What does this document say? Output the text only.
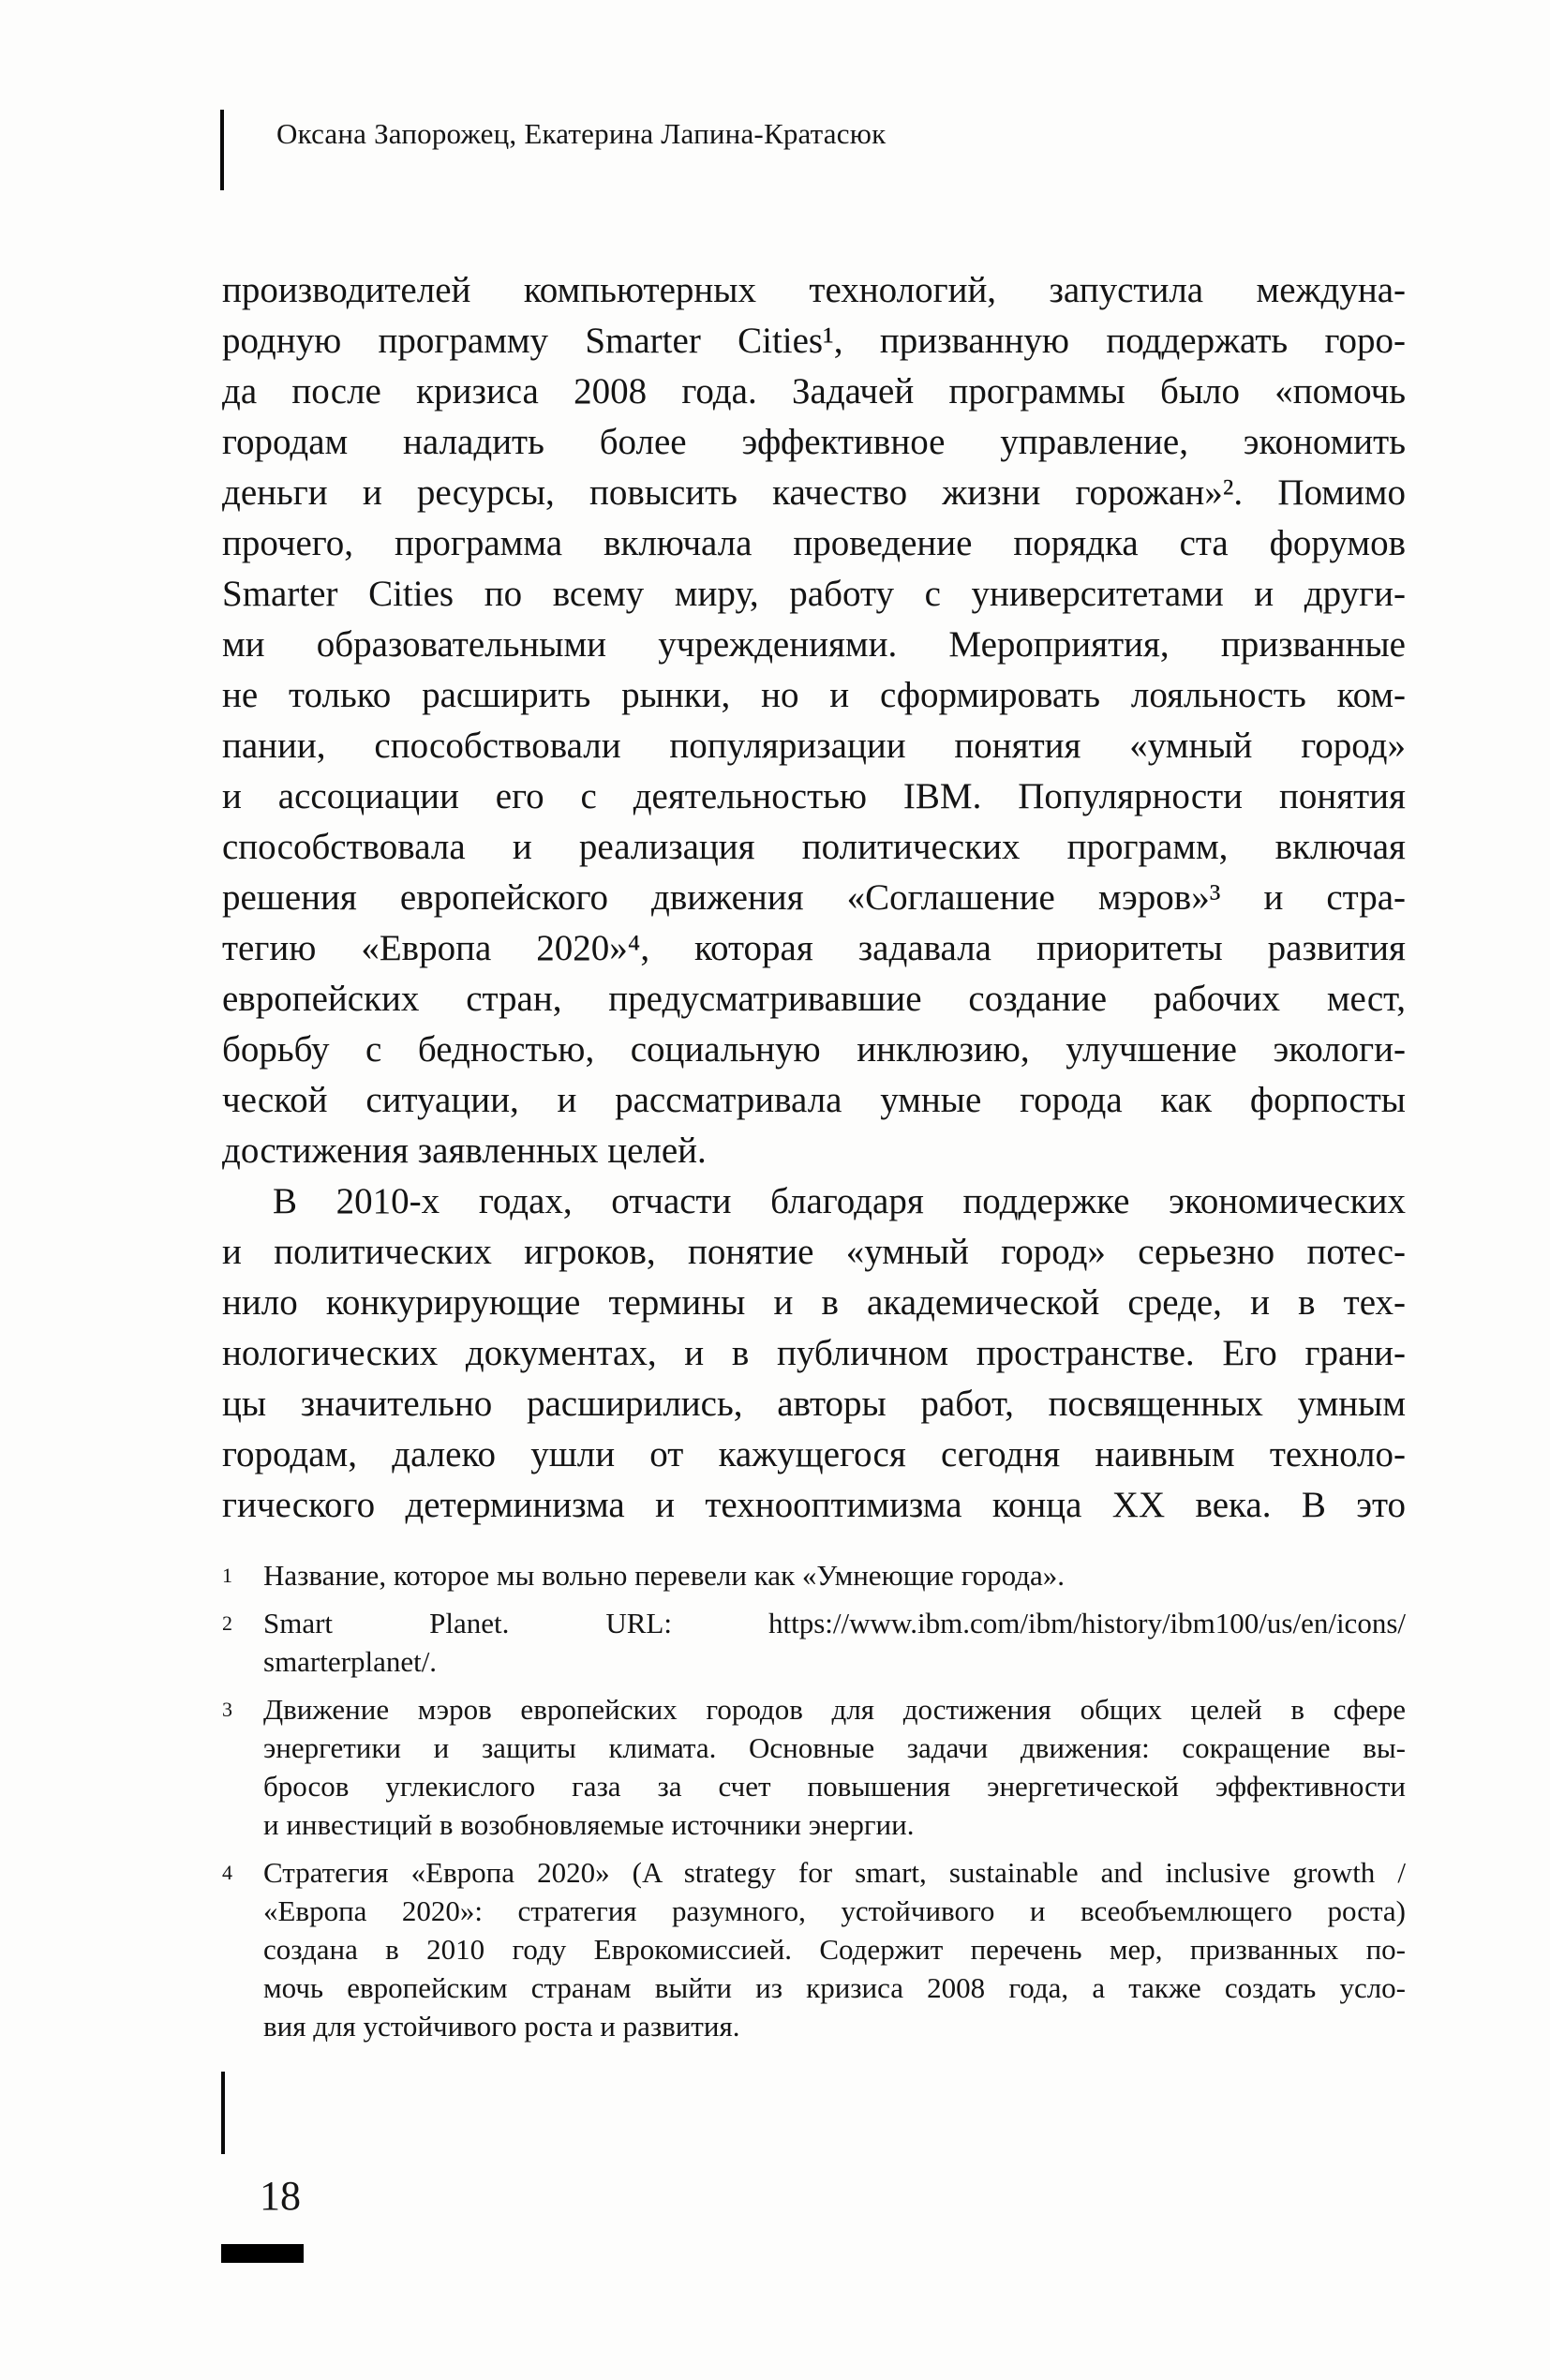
Оксана Запорожец, Екатерина Лапина-Кратасюк
производителей компьютерных технологий, запустила междуна-
родную программу Smarter Cities¹, призванную поддержать горо-
да после кризиса 2008 года. Задачей программы было «помочь
городам наладить более эффективное управление, экономить
деньги и ресурсы, повысить качество жизни горожан»². Помимо
прочего, программа включала проведение порядка ста форумов
Smarter Cities по всему миру, работу с университетами и други-
ми образовательными учреждениями. Мероприятия, призванные
не только расширить рынки, но и сформировать лояльность ком-
пании, способствовали популяризации понятия «умный город»
и ассоциации его с деятельностью IBM. Популярности понятия
способствовала и реализация политических программ, включая
решения европейского движения «Соглашение мэров»³ и стра-
тегию «Европа 2020»⁴, которая задавала приоритеты развития
европейских стран, предусматривавшие создание рабочих мест,
борьбу с бедностью, социальную инклюзию, улучшение экологи-
ческой ситуации, и рассматривала умные города как форпосты
достижения заявленных целей.
В 2010-х годах, отчасти благодаря поддержке экономических
и политических игроков, понятие «умный город» серьезно потес-
нило конкурирующие термины и в академической среде, и в тех-
нологических документах, и в публичном пространстве. Его грани-
цы значительно расширились, авторы работ, посвященных умным
городам, далеко ушли от кажущегося сегодня наивным техноло-
гического детерминизма и технооптимизма конца XX века. В это
1	Название, которое мы вольно перевели как «Умнеющие города».
2	Smart Planet. URL: https://www.ibm.com/ibm/history/ibm100/us/en/icons/
smarterplanet/.
3	Движение мэров европейских городов для достижения общих целей в сфере
энергетики и защиты климата. Основные задачи движения: сокращение вы-
бросов углекислого газа за счет повышения энергетической эффективности
и инвестиций в возобновляемые источники энергии.
4	Стратегия «Европа 2020» (A strategy for smart, sustainable and inclusive growth /
«Европа 2020»: стратегия разумного, устойчивого и всеобъемлющего роста)
создана в 2010 году Еврокомиссией. Содержит перечень мер, призванных по-
мочь европейским странам выйти из кризиса 2008 года, а также создать усло-
вия для устойчивого роста и развития.
18
